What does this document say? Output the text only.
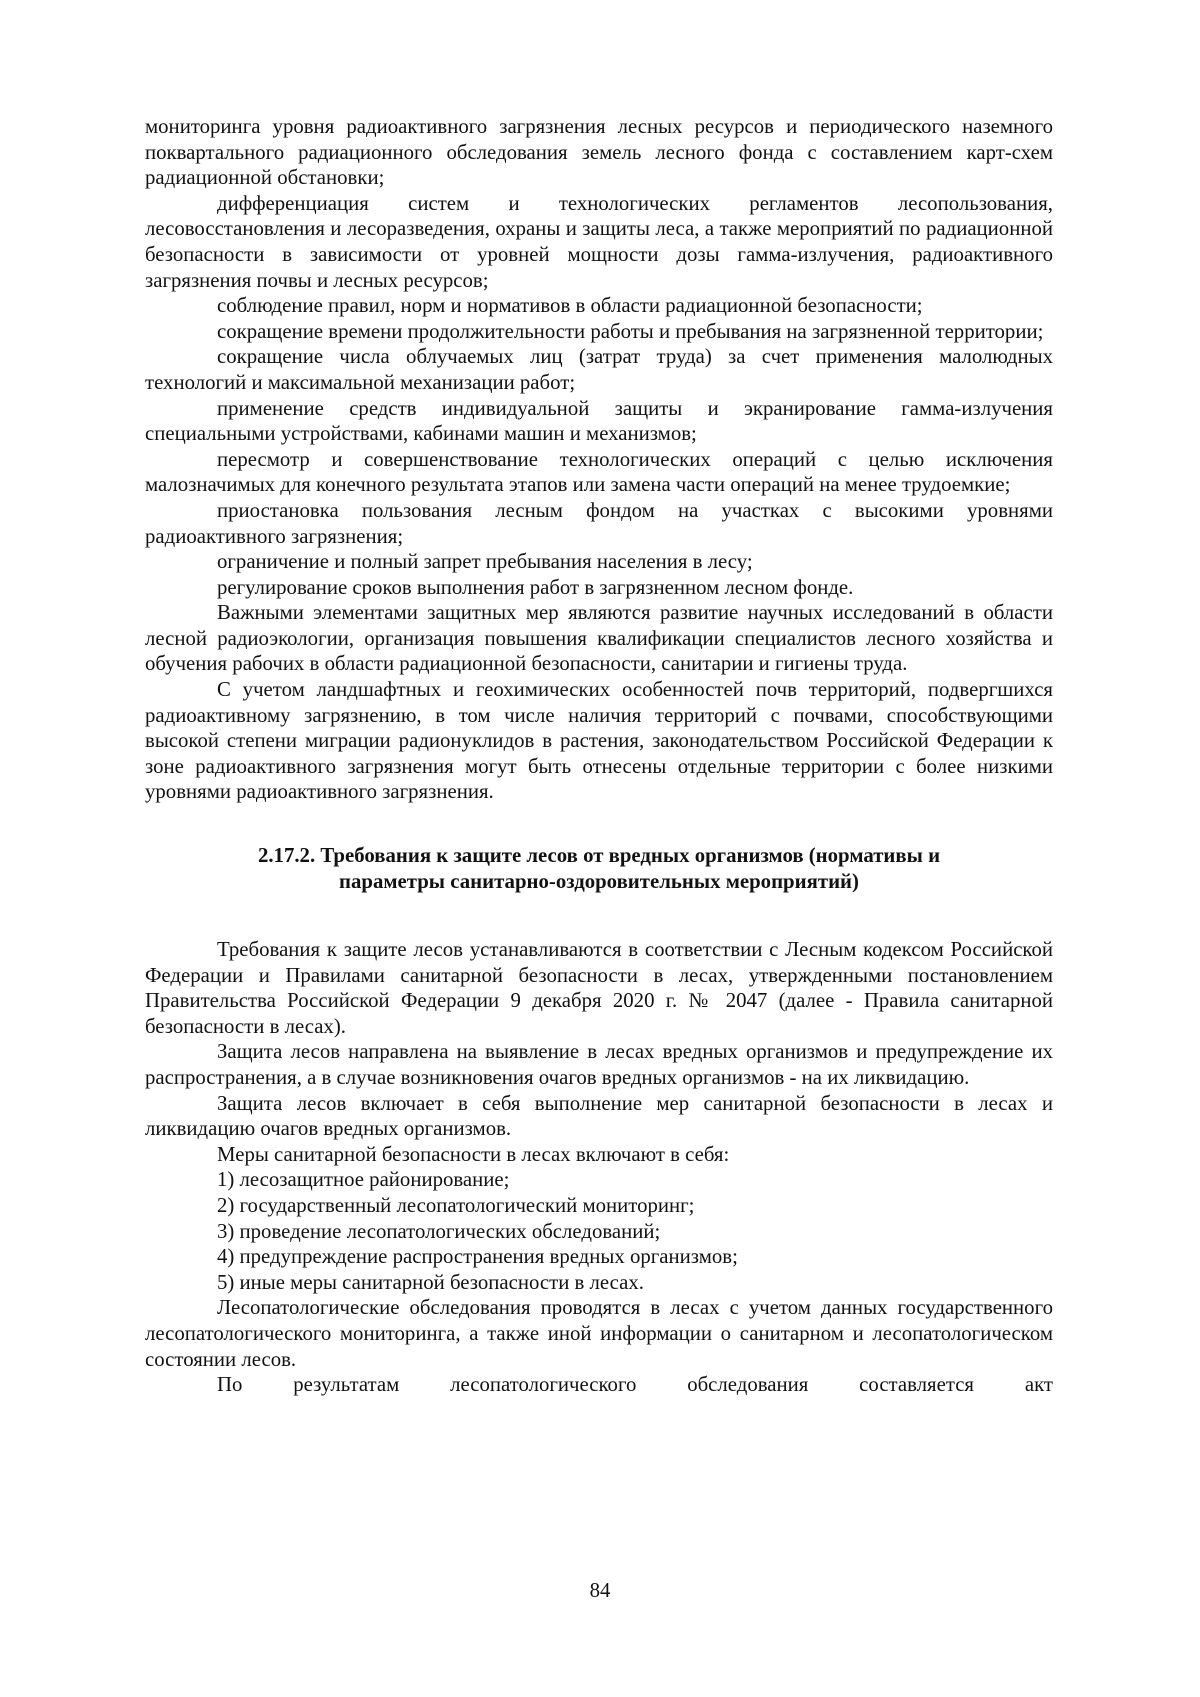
мониторинга уровня радиоактивного загрязнения лесных ресурсов и периодического наземного поквартального радиационного обследования земель лесного фонда с составлением карт-схем радиационной обстановки;

дифференциация систем и технологических регламентов лесопользования, лесовосстановления и лесоразведения, охраны и защиты леса, а также мероприятий по радиационной безопасности в зависимости от уровней мощности дозы гамма-излучения, радиоактивного загрязнения почвы и лесных ресурсов;

соблюдение правил, норм и нормативов в области радиационной безопасности;

сокращение времени продолжительности работы и пребывания на загрязненной территории;

сокращение числа облучаемых лиц (затрат труда) за счет применения малолюдных технологий и максимальной механизации работ;

применение средств индивидуальной защиты и экранирование гамма-излучения специальными устройствами, кабинами машин и механизмов;

пересмотр и совершенствование технологических операций с целью исключения малозначимых для конечного результата этапов или замена части операций на менее трудоемкие;

приостановка пользования лесным фондом на участках с высокими уровнями радиоактивного загрязнения;

ограничение и полный запрет пребывания населения в лесу;

регулирование сроков выполнения работ в загрязненном лесном фонде.

Важными элементами защитных мер являются развитие научных исследований в области лесной радиоэкологии, организация повышения квалификации специалистов лесного хозяйства и обучения рабочих в области радиационной безопасности, санитарии и гигиены труда.

С учетом ландшафтных и геохимических особенностей почв территорий, подвергшихся радиоактивному загрязнению, в том числе наличия территорий с почвами, способствующими высокой степени миграции радионуклидов в растения, законодательством Российской Федерации к зоне радиоактивного загрязнения могут быть отнесены отдельные территории с более низкими уровнями радиоактивного загрязнения.

2.17.2. Требования к защите лесов от вредных организмов (нормативы и
параметры санитарно-оздоровительных мероприятий)

Требования к защите лесов устанавливаются в соответствии с Лесным кодексом Российской Федерации и Правилами санитарной безопасности в лесах, утвержденными постановлением Правительства Российской Федерации 9 декабря 2020 г. № 2047 (далее - Правила санитарной безопасности в лесах).

Защита лесов направлена на выявление в лесах вредных организмов и предупреждение их распространения, а в случае возникновения очагов вредных организмов - на их ликвидацию.

Защита лесов включает в себя выполнение мер санитарной безопасности в лесах и ликвидацию очагов вредных организмов.

Меры санитарной безопасности в лесах включают в себя:

1) лесозащитное районирование;

2) государственный лесопатологический мониторинг;

3) проведение лесопатологических обследований;

4) предупреждение распространения вредных организмов;

5) иные меры санитарной безопасности в лесах.

Лесопатологические обследования проводятся в лесах с учетом данных государственного лесопатологического мониторинга, а также иной информации о санитарном и лесопатологическом состоянии лесов.

По результатам лесопатологического обследования составляется акт

84
